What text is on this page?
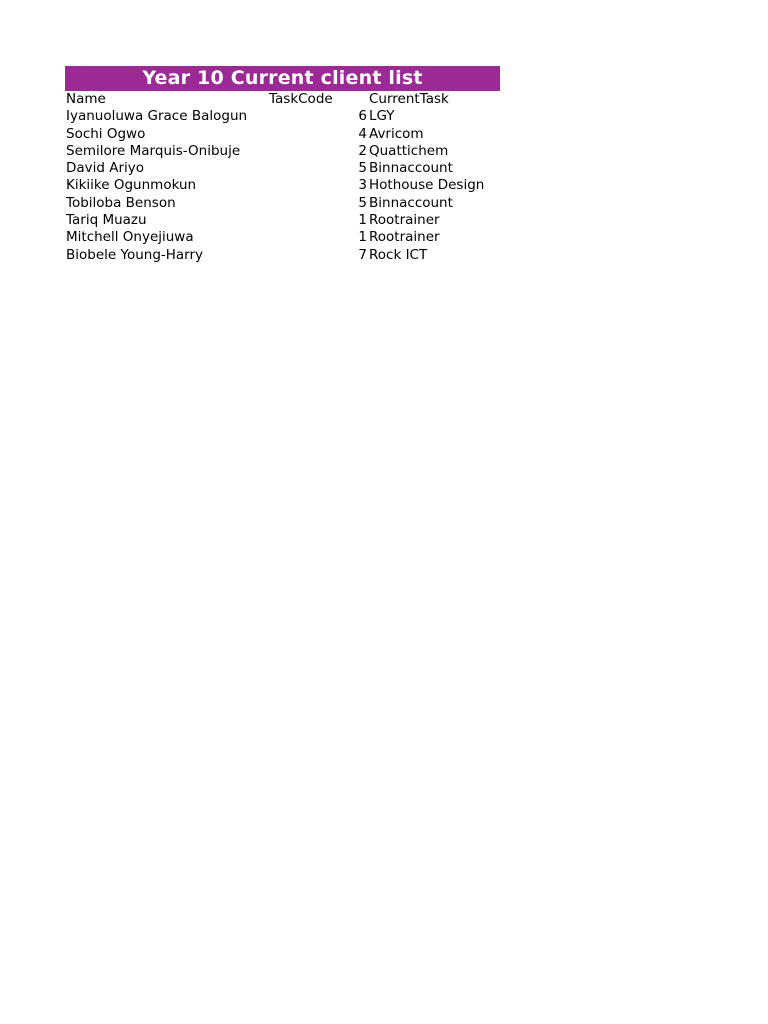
Year 10 Current client list
Name	TaskCode	CurrentTask
Iyanuoluwa Grace Balogun	6 LGY
Sochi Ogwo	4 Avricom
Semilore Marquis-Onibuje	2 Quattichem
David Ariyo	5 Binnaccount
Kikiike Ogunmokun	3 Hothouse Design
Tobiloba Benson	5 Binnaccount
Tariq Muazu	1 Rootrainer
Mitchell Onyejiuwa	1 Rootrainer
Biobele Young-Harry	7 Rock ICT
